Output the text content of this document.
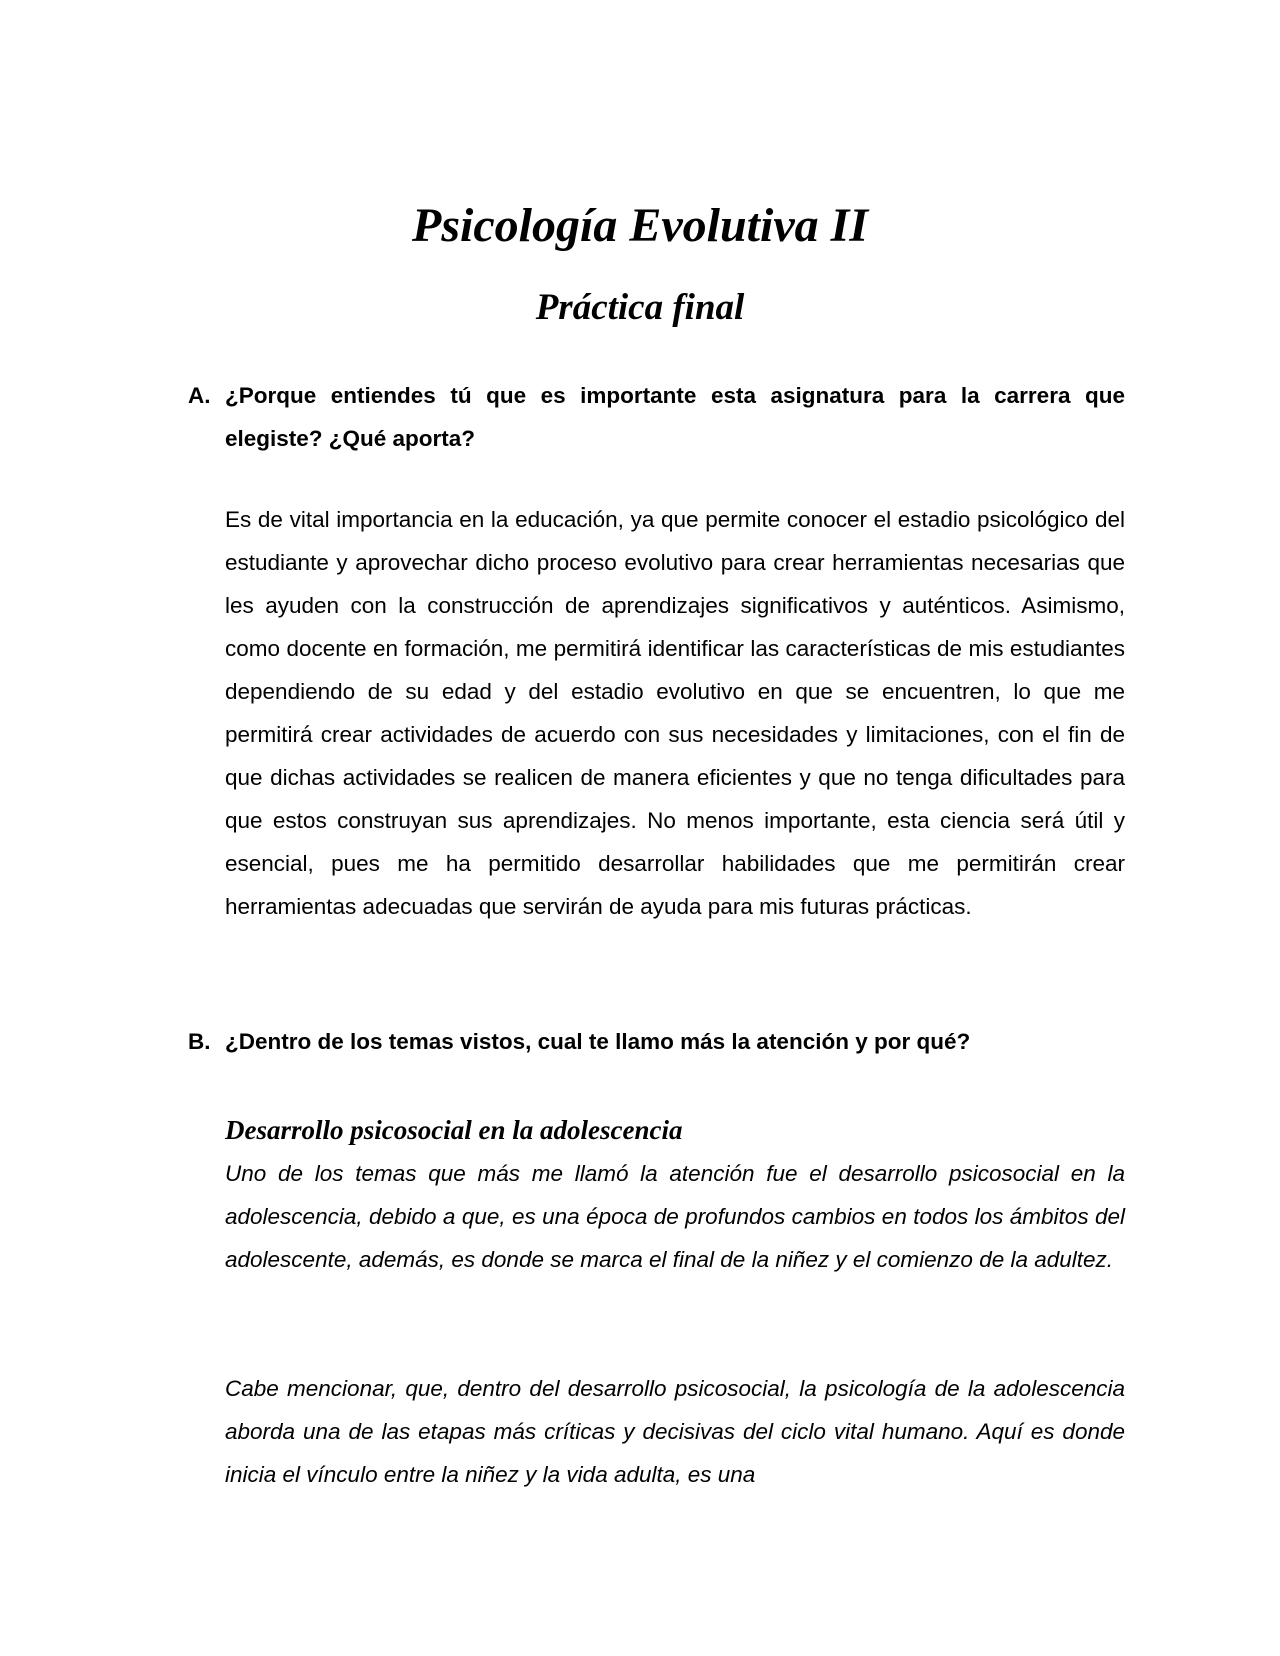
Psicología Evolutiva II
Práctica final
A. ¿Porque entiendes tú que es importante esta asignatura para la carrera que elegiste? ¿Qué aporta?

Es de vital importancia en la educación, ya que permite conocer el estadio psicológico del estudiante y aprovechar dicho proceso evolutivo para crear herramientas necesarias que les ayuden con la construcción de aprendizajes significativos y auténticos. Asimismo, como docente en formación, me permitirá identificar las características de mis estudiantes dependiendo de su edad y del estadio evolutivo en que se encuentren, lo que me permitirá crear actividades de acuerdo con sus necesidades y limitaciones, con el fin de que dichas actividades se realicen de manera eficientes y que no tenga dificultades para que estos construyan sus aprendizajes. No menos importante, esta ciencia será útil y esencial, pues me ha permitido desarrollar habilidades que me permitirán crear herramientas adecuadas que servirán de ayuda para mis futuras prácticas.

B. ¿Dentro de los temas vistos, cual te llamo más la atención y por qué?

Desarrollo psicosocial en la adolescencia

Uno de los temas que más me llamó la atención fue el desarrollo psicosocial en la adolescencia, debido a que, es una época de profundos cambios en todos los ámbitos del adolescente, además, es donde se marca el final de la niñez y el comienzo de la adultez.

Cabe mencionar, que, dentro del desarrollo psicosocial, la psicología de la adolescencia aborda una de las etapas más críticas y decisivas del ciclo vital humano. Aquí es donde inicia el vínculo entre la niñez y la vida adulta, es una
